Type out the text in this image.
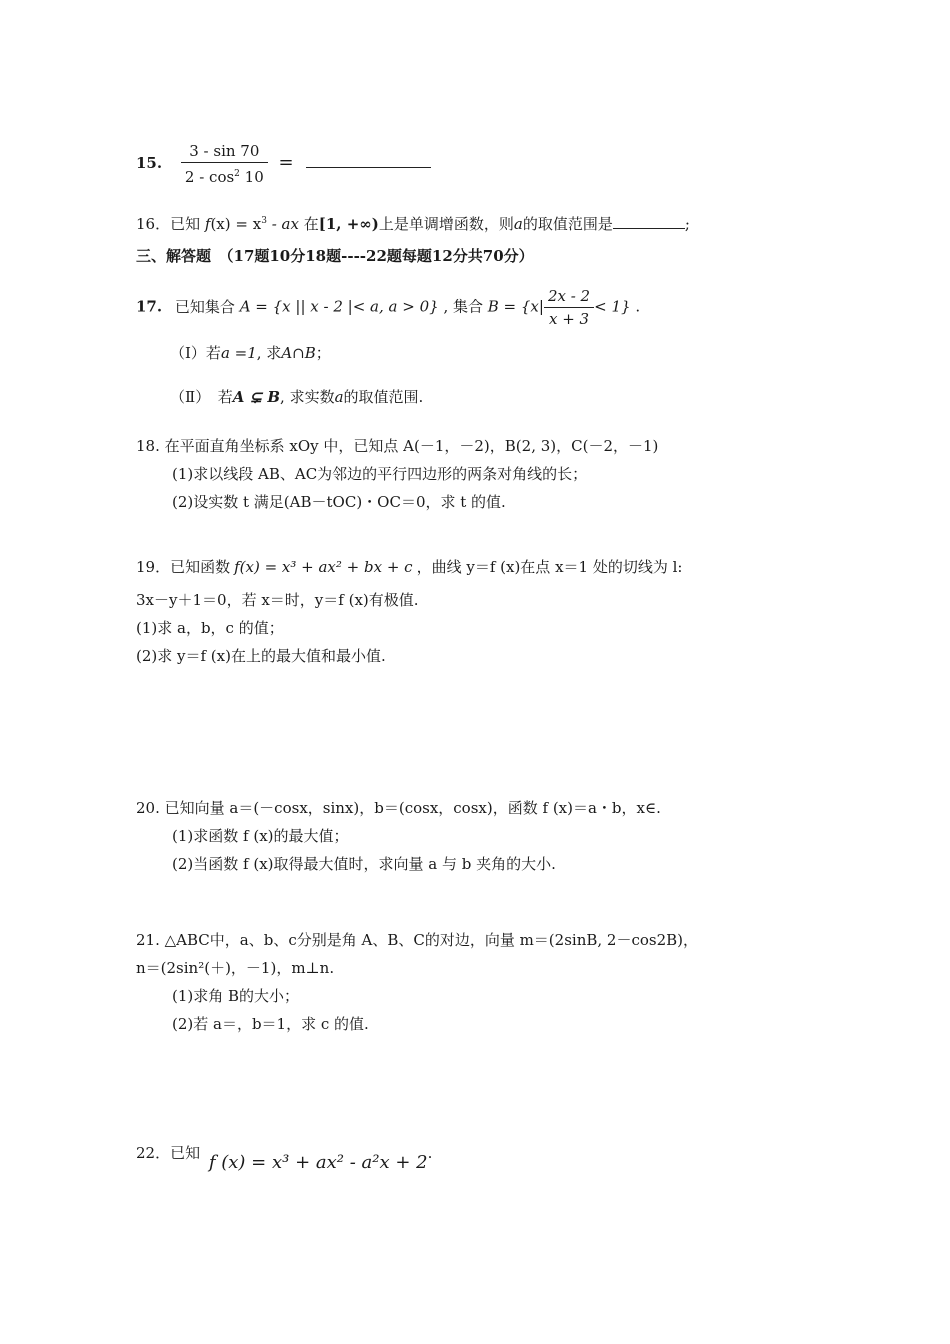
15. $\frac{3 - \sin 70}{2 - \cos^2 10}$ =
16．已知 $f(x) = x^3$ - ax 在[1, +∞)上是单调增函数，则a的取值范围是	;
三、解答题　（17题10分18题----22题每题12分共70分）
17. 已知集合 A = {x || x - 2 |< a, a > 0} , 集合 $B = \{x| \frac{2x - 2}{x + 3} < 1\}$ .
（Ⅰ）若a =1, 求A∩B；
（Ⅱ）　若A ⊊ B, 求实数a的取值范围.
18. 在平面直角坐标系 xOy 中，已知点 A(－1，－2)，B(2, 3)，C(－2，－1)
(1)求以线段 AB、AC为邻边的平行四边形的两条对角线的长；
(2)设实数 t 满足(AB－tOC)・OC＝0，求 t 的值.
19．已知函数 f(x) = x³ + ax² + bx + c ，曲线 y＝f (x)在点 x＝1 处的切线为 l:
3x－y＋1＝0，若 x＝时，y＝f (x)有极值.
(1)求 a，b，c 的值；
(2)求 y＝f (x)在上的最大值和最小值.
20. 已知向量 a＝(－cosx，sinx)，b＝(cosx，cosx)，函数 f (x)＝a・b，x∈.
(1)求函数 f (x)的最大值；
(2)当函数 f (x)取得最大值时，求向量 a 与 b 夹角的大小.
21. △ABC中，a、b、c分别是角 A、B、C的对边，向量 m＝(2sinB, 2－cos2B)，
n＝(2sin²(＋)，－1)，m⊥n.
(1)求角 B的大小；
(2)若 a＝，b＝1，求 c 的值.
22．已知 f (x) = x³ + ax² - a²x + 2.
